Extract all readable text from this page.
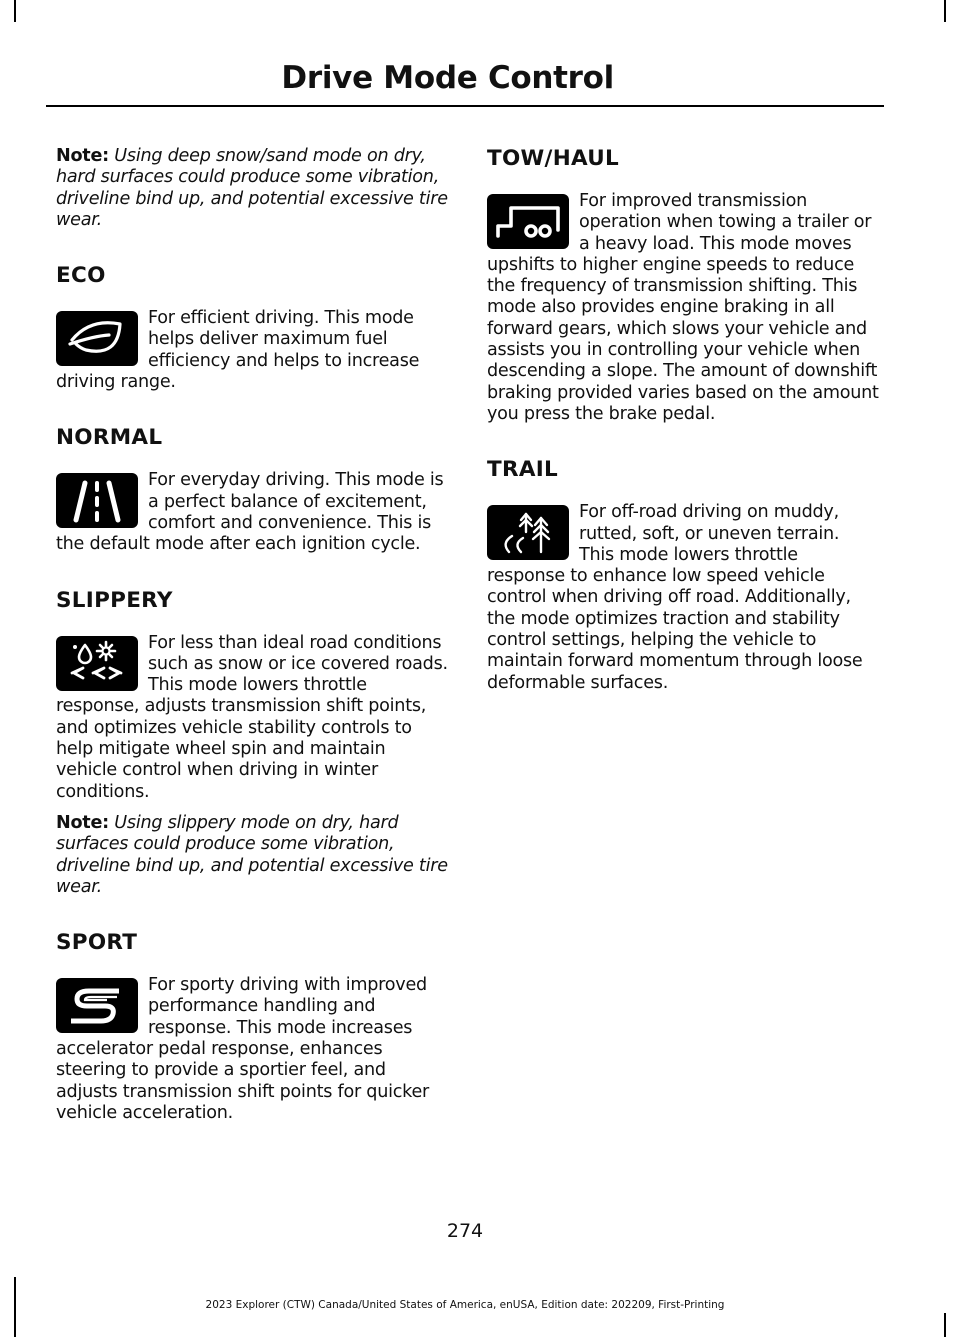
Drive Mode Control

Note: Using deep snow/sand mode on dry, hard surfaces could produce some vibration, driveline bind up, and potential excessive tire wear.

ECO

For efficient driving. This mode helps deliver maximum fuel efficiency and helps to increase driving range.

NORMAL

For everyday driving. This mode is a perfect balance of excitement, comfort and convenience. This is the default mode after each ignition cycle.

SLIPPERY

For less than ideal road conditions such as snow or ice covered roads. This mode lowers throttle response, adjusts transmission shift points, and optimizes vehicle stability controls to help mitigate wheel spin and maintain vehicle control when driving in winter conditions.

Note: Using slippery mode on dry, hard surfaces could produce some vibration, driveline bind up, and potential excessive tire wear.

SPORT

For sporty driving with improved performance handling and response. This mode increases accelerator pedal response, enhances steering to provide a sportier feel, and adjusts transmission shift points for quicker vehicle acceleration.

TOW/HAUL

For improved transmission operation when towing a trailer or a heavy load. This mode moves upshifts to higher engine speeds to reduce the frequency of transmission shifting. This mode also provides engine braking in all forward gears, which slows your vehicle and assists you in controlling your vehicle when descending a slope. The amount of downshift braking provided varies based on the amount you press the brake pedal.

TRAIL

For off-road driving on muddy, rutted, soft, or uneven terrain. This mode lowers throttle response to enhance low speed vehicle control when driving off road. Additionally, the mode optimizes traction and stability control settings, helping the vehicle to maintain forward momentum through loose deformable surfaces.

274
2023 Explorer (CTW) Canada/United States of America, enUSA, Edition date: 202209, First-Printing
